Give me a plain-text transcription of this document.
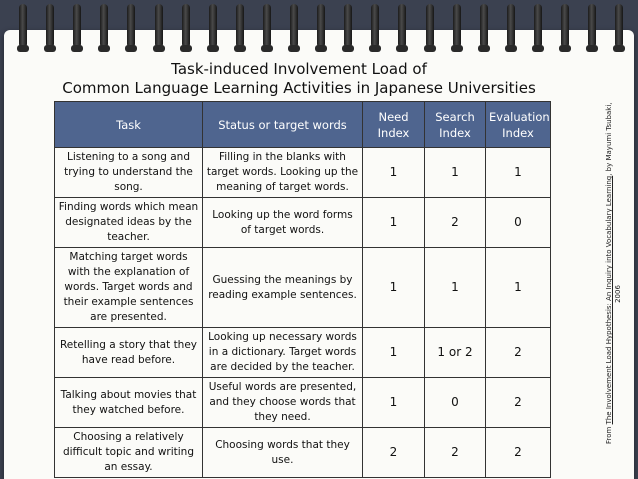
Task-induced Involvement Load of
Common Language Learning Activities in Japanese Universities
Task	Status or target words	Need Index	Search Index	Evaluation Index
Listening to a song and trying to understand the song.	Filling in the blanks with target words. Looking up the meaning of target words.	1	1	1
Finding words which mean designated ideas by the teacher.	Looking up the word forms of target words.	1	2	0
Matching target words with the explanation of words. Target words and their example sentences are presented.	Guessing the meanings by reading example sentences.	1	1	1
Retelling a story that they have read before.	Looking up necessary words in a dictionary. Target words are decided by the teacher.	1	1 or 2	2
Talking about movies that they watched before.	Useful words are presented, and they choose words that they need.	1	0	2
Choosing a relatively difficult topic and writing an essay.	Choosing words that they use.	2	2	2
From The Involvement Load Hypothesis: An Inquiry into Vocabulary Learning, by Mayumi Tsubaki,
2006
